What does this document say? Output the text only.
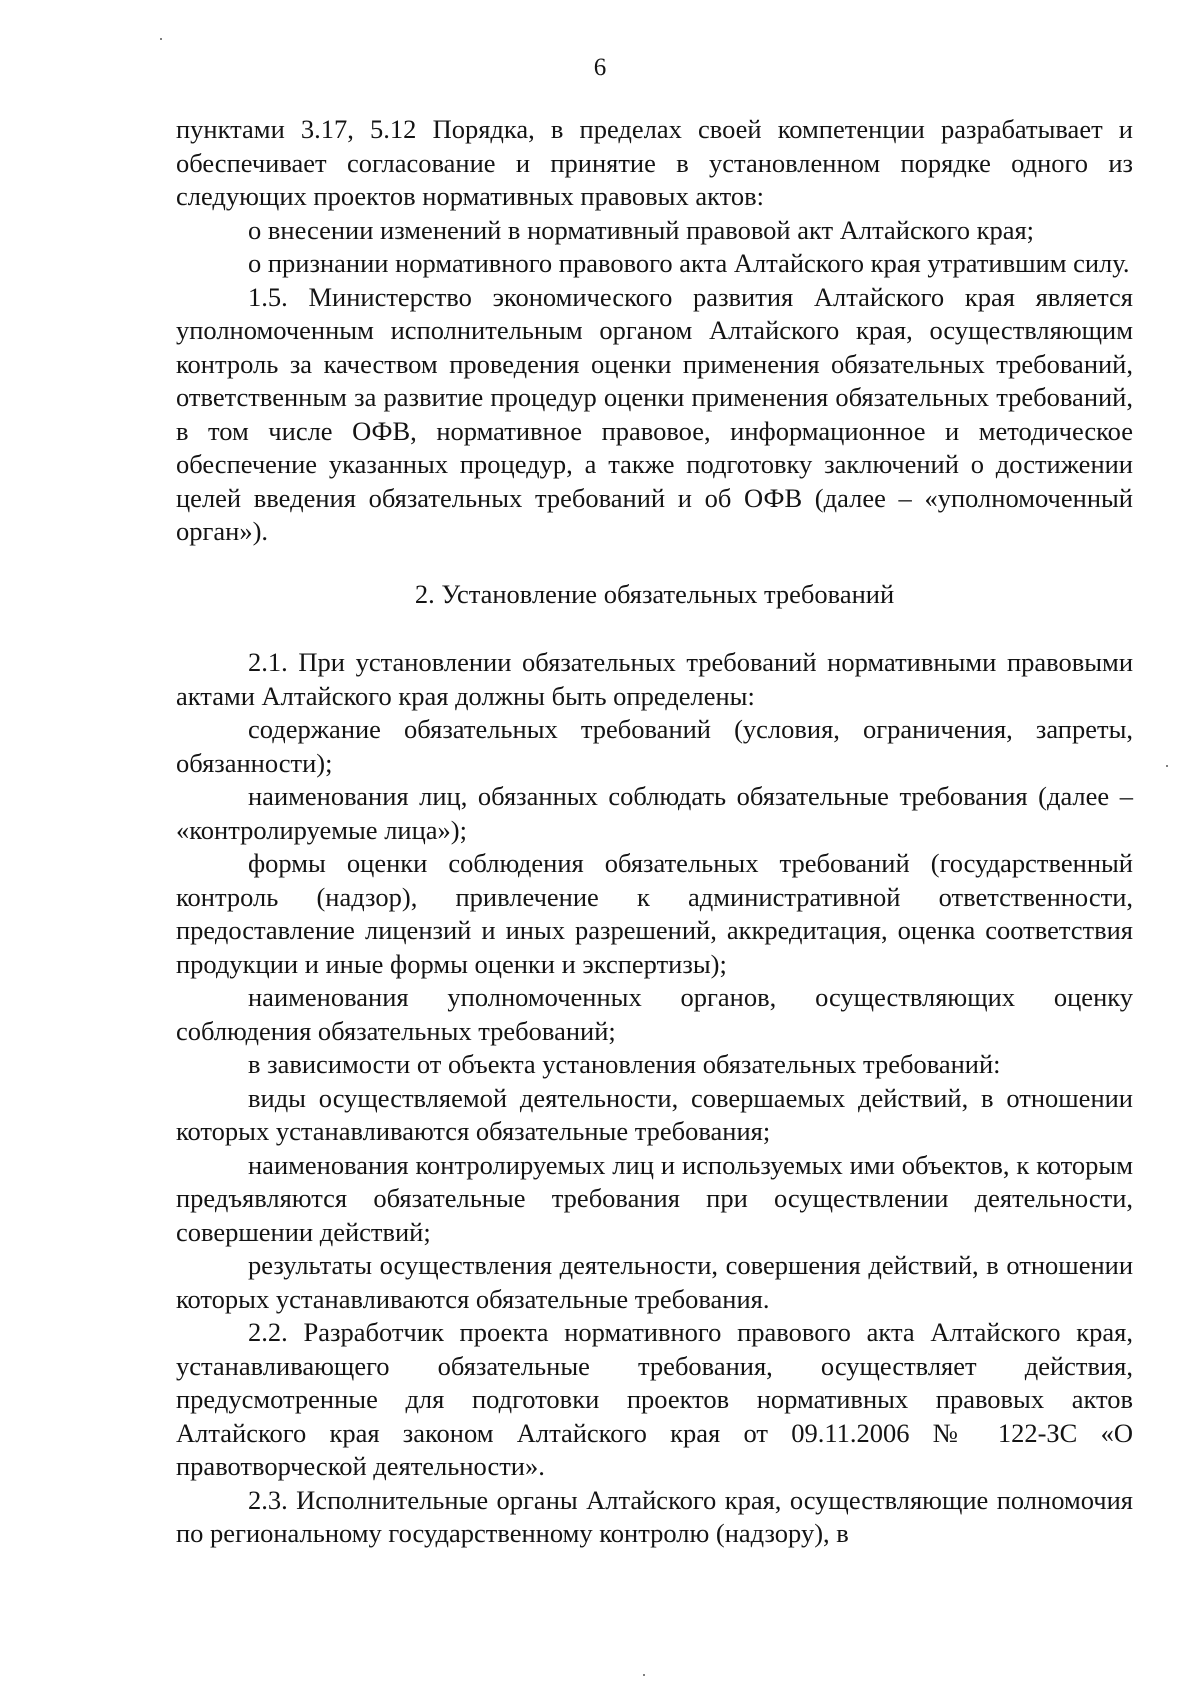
6

пунктами 3.17, 5.12 Порядка, в пределах своей компетенции разрабатывает и обеспечивает согласование и принятие в установленном порядке одного из следующих проектов нормативных правовых актов:

о внесении изменений в нормативный правовой акт Алтайского края;

о признании нормативного правового акта Алтайского края утратившим силу.

1.5. Министерство экономического развития Алтайского края является уполномоченным исполнительным органом Алтайского края, осуществляющим контроль за качеством проведения оценки применения обязательных требований, ответственным за развитие процедур оценки применения обязательных требований, в том числе ОФВ, нормативное правовое, информационное и методическое обеспечение указанных процедур, а также подготовку заключений о достижении целей введения обязательных требований и об ОФВ (далее – «уполномоченный орган»).

2. Установление обязательных требований

2.1. При установлении обязательных требований нормативными правовыми актами Алтайского края должны быть определены:

содержание обязательных требований (условия, ограничения, запреты, обязанности);

наименования лиц, обязанных соблюдать обязательные требования (далее – «контролируемые лица»);

формы оценки соблюдения обязательных требований (государственный контроль (надзор), привлечение к административной ответственности, предоставление лицензий и иных разрешений, аккредитация, оценка соответствия продукции и иные формы оценки и экспертизы);

наименования уполномоченных органов, осуществляющих оценку соблюдения обязательных требований;

в зависимости от объекта установления обязательных требований:

виды осуществляемой деятельности, совершаемых действий, в отношении которых устанавливаются обязательные требования;

наименования контролируемых лиц и используемых ими объектов, к которым предъявляются обязательные требования при осуществлении деятельности, совершении действий;

результаты осуществления деятельности, совершения действий, в отношении которых устанавливаются обязательные требования.

2.2. Разработчик проекта нормативного правового акта Алтайского края, устанавливающего обязательные требования, осуществляет действия, предусмотренные для подготовки проектов нормативных правовых актов Алтайского края законом Алтайского края от 09.11.2006 № 122-ЗС «О правотворческой деятельности».

2.3. Исполнительные органы Алтайского края, осуществляющие полномочия по региональному государственному контролю (надзору), в
